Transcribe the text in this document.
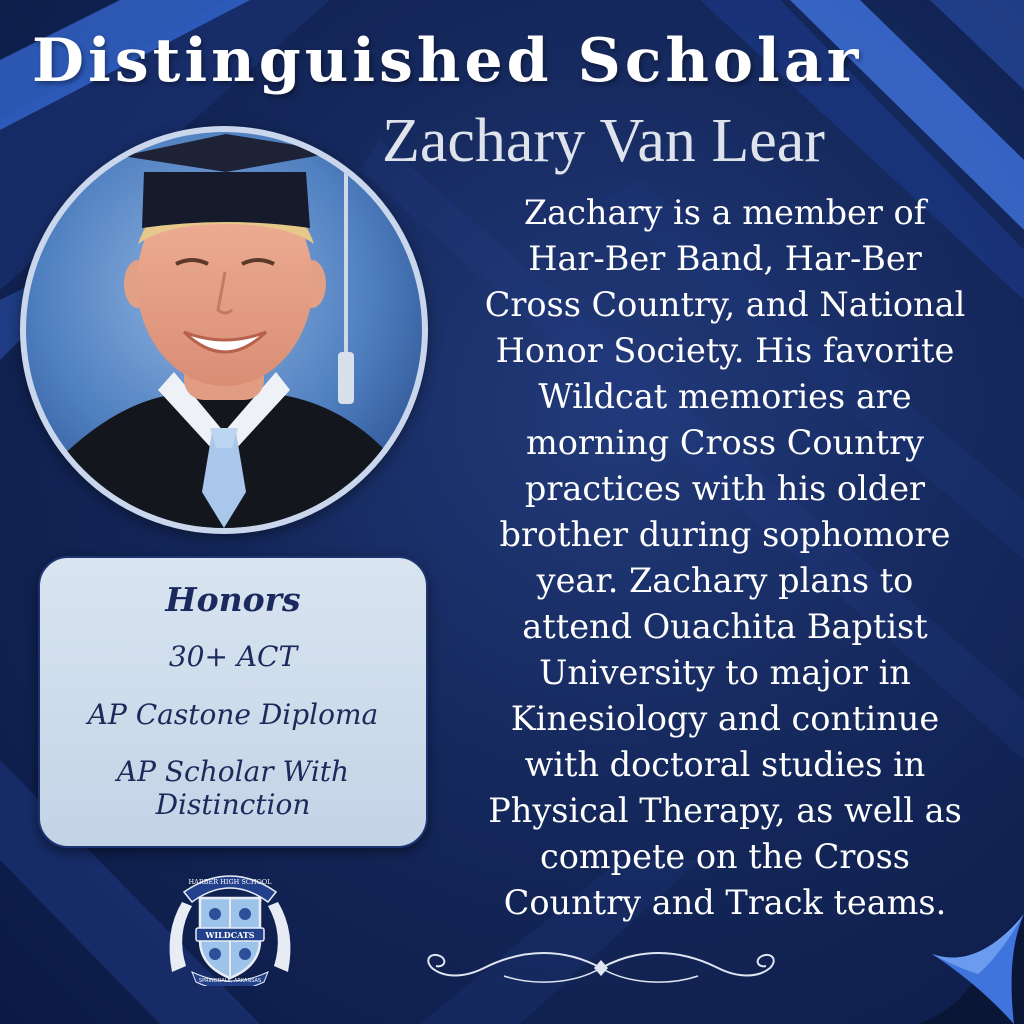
Distinguished Scholar
Zachary Van Lear
Zachary is a member of
Har-Ber Band, Har-Ber
Cross Country, and National
Honor Society. His favorite
Wildcat memories are
morning Cross Country
practices with his older
brother during sophomore
year. Zachary plans to
attend Ouachita Baptist
University to major in
Kinesiology and continue
with doctoral studies in
Physical Therapy, as well as
compete on the Cross
Country and Track teams.
Honors
30+ ACT
AP Castone Diploma
AP Scholar With Distinction
HARBER HIGH SCHOOL
WILDCATS
SPRINGDALE, ARKANSAS
